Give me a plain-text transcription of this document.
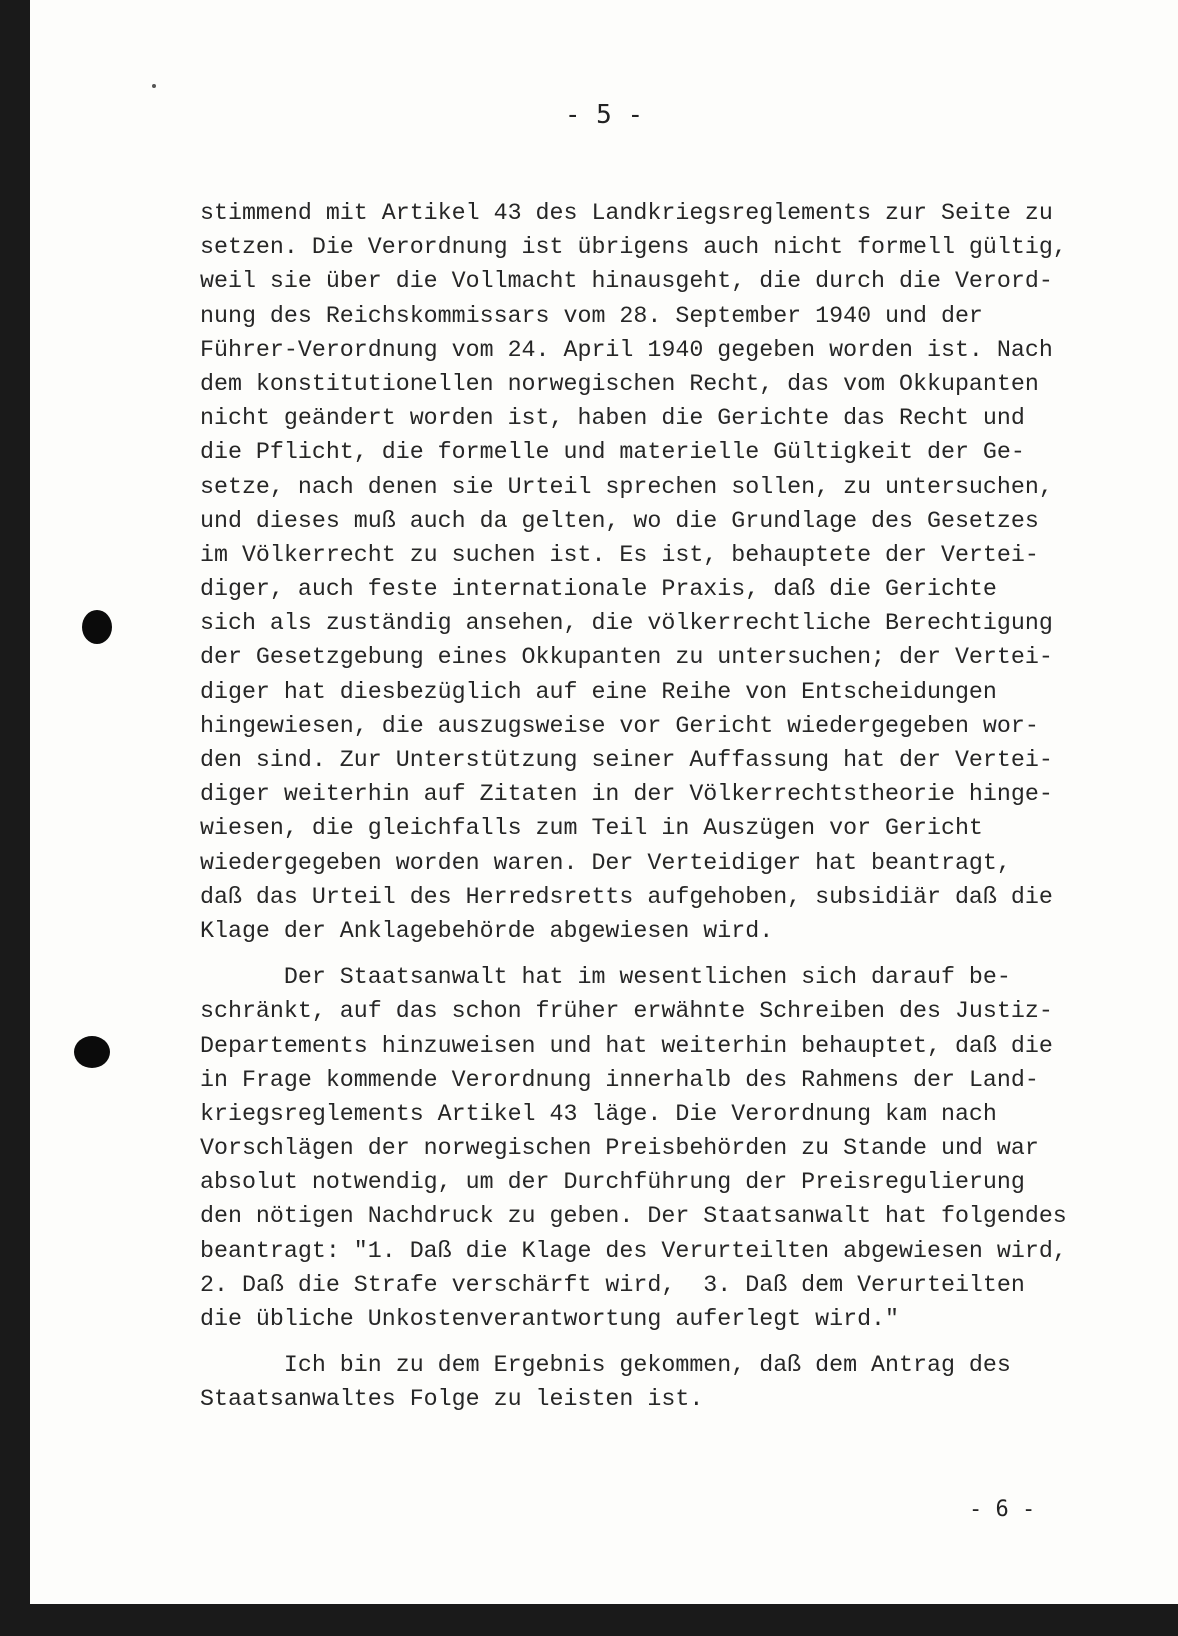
- 5 -
stimmend mit Artikel 43 des Landkriegsreglements zur Seite zu
setzen. Die Verordnung ist übrigens auch nicht formell gültig,
weil sie über die Vollmacht hinausgeht, die durch die Verord-
nung des Reichskommissars vom 28. September 1940 und der
Führer-Verordnung vom 24. April 1940 gegeben worden ist. Nach
dem konstitutionellen norwegischen Recht, das vom Okkupanten
nicht geändert worden ist, haben die Gerichte das Recht und
die Pflicht, die formelle und materielle Gültigkeit der Ge-
setze, nach denen sie Urteil sprechen sollen, zu untersuchen,
und dieses muß auch da gelten, wo die Grundlage des Gesetzes
im Völkerrecht zu suchen ist. Es ist, behauptete der Vertei-
diger, auch feste internationale Praxis, daß die Gerichte
sich als zuständig ansehen, die völkerrechtliche Berechtigung
der Gesetzgebung eines Okkupanten zu untersuchen; der Vertei-
diger hat diesbezüglich auf eine Reihe von Entscheidungen
hingewiesen, die auszugsweise vor Gericht wiedergegeben wor-
den sind. Zur Unterstützung seiner Auffassung hat der Vertei-
diger weiterhin auf Zitaten in der Völkerrechtstheorie hinge-
wiesen, die gleichfalls zum Teil in Auszügen vor Gericht
wiedergegeben worden waren. Der Verteidiger hat beantragt,
daß das Urteil des Herredsretts aufgehoben, subsidiär daß die
Klage der Anklagebehörde abgewiesen wird.
Der Staatsanwalt hat im wesentlichen sich darauf be-
schränkt, auf das schon früher erwähnte Schreiben des Justiz-
Departements hinzuweisen und hat weiterhin behauptet, daß die
in Frage kommende Verordnung innerhalb des Rahmens der Land-
kriegsreglements Artikel 43 läge. Die Verordnung kam nach
Vorschlägen der norwegischen Preisbehörden zu Stande und war
absolut notwendig, um der Durchführung der Preisregulierung
den nötigen Nachdruck zu geben. Der Staatsanwalt hat folgendes
beantragt: "1. Daß die Klage des Verurteilten abgewiesen wird,
2. Daß die Strafe verschärft wird,  3. Daß dem Verurteilten
die übliche Unkostenverantwortung auferlegt wird."
Ich bin zu dem Ergebnis gekommen, daß dem Antrag des
Staatsanwaltes Folge zu leisten ist.
- 6 -
